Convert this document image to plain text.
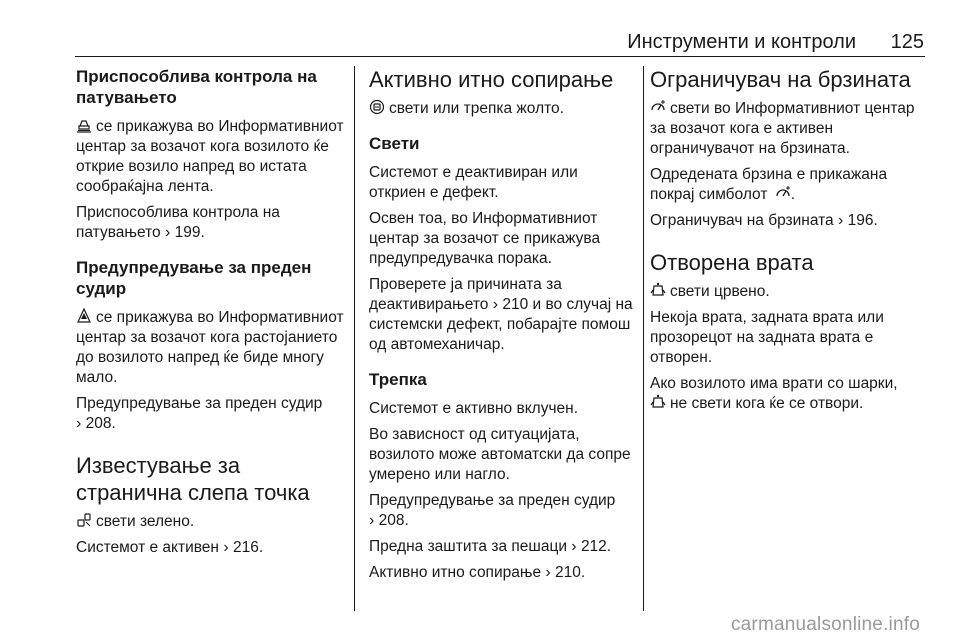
Инструменти и контроли 125
Приспособлива контрола на патувањето

се прикажува во Информативниот центар за возачот кога возилото ќе открие возило напред во истата сообраќајна лента.

Приспособлива контрола на патувањето › 199.

Предупредување за преден судир

се прикажува во Информативниот центар за возачот кога растојанието до возилото напред ќе биде многу мало.

Предупредување за преден судир
› 208.

Известување за странична слепа точка

свети зелено.

Системот е активен › 216.

Активно итно сопирање

свети или трепка жолто.

Свети

Системот е деактивиран или откриен е дефект.

Освен тоа, во Информативниот центар за возачот се прикажува предупредувачка порака.

Проверете ја причината за деактивирањето › 210 и во случај на системски дефект, побарајте помош од автомеханичар.

Трепка

Системот е активно вклучен.

Во зависност од ситуацијата, возилото може автоматски да сопре умерено или нагло.

Предупредување за преден судир
› 208.

Предна заштита за пешаци › 212.

Активно итно сопирање › 210.

Ограничувач на брзината

свети во Информативниот центар за возачот кога е активен ограничувачот на брзината.

Одредената брзина е прикажана покрај симболот .

Ограничувач на брзината › 196.

Отворена врата

свети црвено.

Некоја врата, задната врата или прозорецот на задната врата е отворен.

Ако возилото има врати со шарки,

не свети кога ќе се отвори.

carmanualsonline.info
